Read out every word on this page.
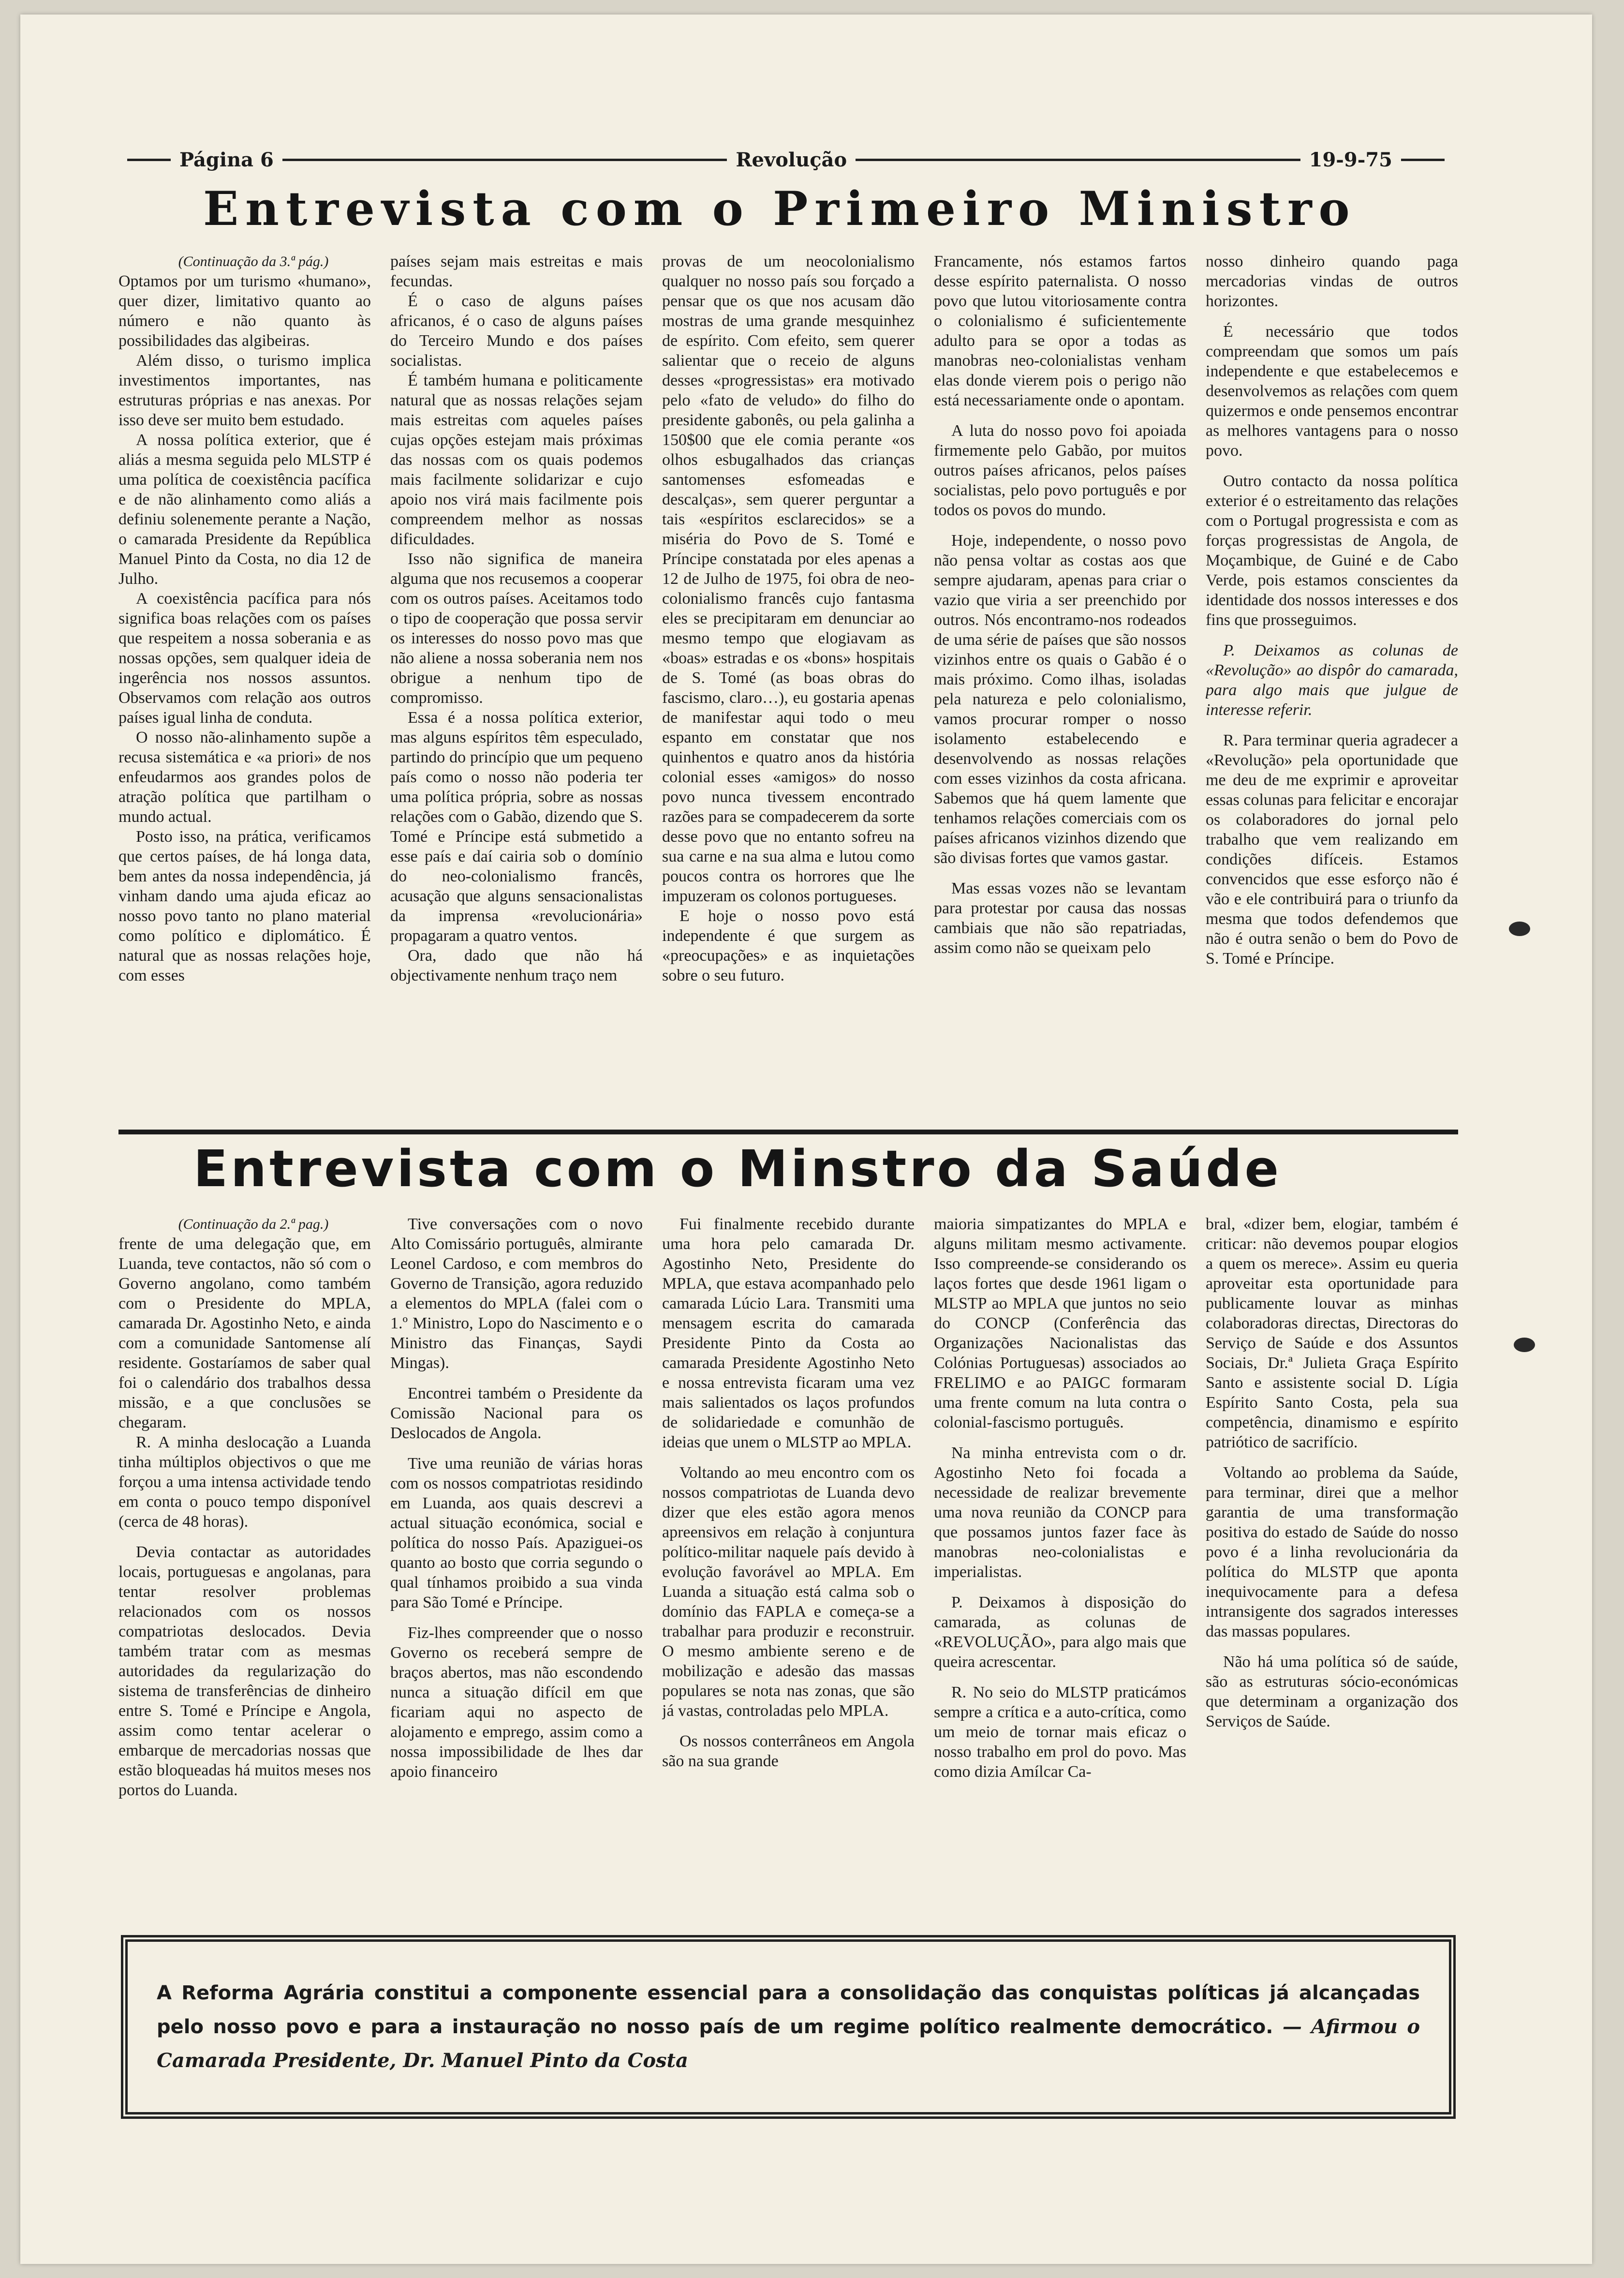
Página 6	Revolução	19-9-75
Entrevista com o Primeiro Ministro

(Continuação da 3.ª pág.)

Optamos por um turismo «humano», quer dizer, limitativo quanto ao número e não quanto às possibilidades das algibeiras.

Além disso, o turismo implica investimentos importantes, nas estruturas próprias e nas anexas. Por isso deve ser muito bem estudado.

A nossa política exterior, que é aliás a mesma seguida pelo MLSTP é uma política de coexistência pacífica e de não alinhamento como aliás a definiu solenemente perante a Nação, o camarada Presidente da República Manuel Pinto da Costa, no dia 12 de Julho.

A coexistência pacífica para nós significa boas relações com os países que respeitem a nossa soberania e as nossas opções, sem qualquer ideia de ingerência nos nossos assuntos. Observamos com relação aos outros países igual linha de conduta.

O nosso não-alinhamento supõe a recusa sistemática e «a priori» de nos enfeudarmos aos grandes polos de atração política que partilham o mundo actual.

Posto isso, na prática, verificamos que certos países, de há longa data, bem antes da nossa independência, já vinham dando uma ajuda eficaz ao nosso povo tanto no plano material como político e diplomático. É natural que as nossas relações hoje, com esses

países sejam mais estreitas e mais fecundas.

É o caso de alguns países africanos, é o caso de alguns países do Terceiro Mundo e dos países socialistas.

É também humana e politicamente natural que as nossas relações sejam mais estreitas com aqueles países cujas opções estejam mais próximas das nossas com os quais podemos mais facilmente solidarizar e cujo apoio nos virá mais facilmente pois compreendem melhor as nossas dificuldades.

Isso não significa de maneira alguma que nos recusemos a cooperar com os outros países. Aceitamos todo o tipo de cooperação que possa servir os interesses do nosso povo mas que não aliene a nossa soberania nem nos obrigue a nenhum tipo de compromisso.

Essa é a nossa política exterior, mas alguns espíritos têm especulado, partindo do princípio que um pequeno país como o nosso não poderia ter uma política própria, sobre as nossas relações com o Gabão, dizendo que S. Tomé e Príncipe está submetido a esse país e daí cairia sob o domínio do neo-colonialismo francês, acusação que alguns sensacionalistas da imprensa «revolucionária» propagaram a quatro ventos.

Ora, dado que não há objectivamente nenhum traço nem

provas de um neocolonialismo qualquer no nosso país sou forçado a pensar que os que nos acusam dão mostras de uma grande mesquinhez de espírito. Com efeito, sem querer salientar que o receio de alguns desses «progressistas» era motivado pelo «fato de veludo» do filho do presidente gabonês, ou pela galinha a 150$00 que ele comia perante «os olhos esbugalhados das crianças santomenses esfomeadas e descalças», sem querer perguntar a tais «espíritos esclarecidos» se a miséria do Povo de S. Tomé e Príncipe constatada por eles apenas a 12 de Julho de 1975, foi obra de neo-colonialismo francês cujo fantasma eles se precipitaram em denunciar ao mesmo tempo que elogiavam as «boas» estradas e os «bons» hospitais de S. Tomé (as boas obras do fascismo, claro…), eu gostaria apenas de manifestar aqui todo o meu espanto em constatar que nos quinhentos e quatro anos da história colonial esses «amigos» do nosso povo nunca tivessem encontrado razões para se compadecerem da sorte desse povo que no entanto sofreu na sua carne e na sua alma e lutou como poucos contra os horrores que lhe impuzeram os colonos portugueses.

E hoje o nosso povo está independente é que surgem as «preocupações» e as inquietações sobre o seu futuro.

Francamente, nós estamos fartos desse espírito paternalista. O nosso povo que lutou vitoriosamente contra o colonialismo é suficientemente adulto para se opor a todas as manobras neo-colonialistas venham elas donde vierem pois o perigo não está necessariamente onde o apontam.

A luta do nosso povo foi apoiada firmemente pelo Gabão, por muitos outros países africanos, pelos países socialistas, pelo povo português e por todos os povos do mundo.

Hoje, independente, o nosso povo não pensa voltar as costas aos que sempre ajudaram, apenas para criar o vazio que viria a ser preenchido por outros. Nós encontramo-nos rodeados de uma série de países que são nossos vizinhos entre os quais o Gabão é o mais próximo. Como ilhas, isoladas pela natureza e pelo colonialismo, vamos procurar romper o nosso isolamento estabelecendo e desenvolvendo as nossas relações com esses vizinhos da costa africana. Sabemos que há quem lamente que tenhamos relações comerciais com os países africanos vizinhos dizendo que são divisas fortes que vamos gastar.

Mas essas vozes não se levantam para protestar por causa das nossas cambiais que não são repatriadas, assim como não se queixam pelo

nosso dinheiro quando paga mercadorias vindas de outros horizontes.

É necessário que todos compreendam que somos um país independente e que estabelecemos e desenvolvemos as relações com quem quizermos e onde pensemos encontrar as melhores vantagens para o nosso povo.

Outro contacto da nossa política exterior é o estreitamento das relações com o Portugal progressista e com as forças progressistas de Angola, de Moçambique, de Guiné e de Cabo Verde, pois estamos conscientes da identidade dos nossos interesses e dos fins que prosseguimos.

P. Deixamos as colunas de «Revolução» ao dispôr do camarada, para algo mais que julgue de interesse referir.

R. Para terminar queria agradecer a «Revolução» pela oportunidade que me deu de me exprimir e aproveitar essas colunas para felicitar e encorajar os colaboradores do jornal pelo trabalho que vem realizando em condições difíceis. Estamos convencidos que esse esforço não é vão e ele contribuirá para o triunfo da mesma que todos defendemos que não é outra senão o bem do Povo de S. Tomé e Príncipe.

Entrevista com o Minstro da Saúde

(Continuação da 2.ª pag.)

frente de uma delegação que, em Luanda, teve contactos, não só com o Governo angolano, como também com o Presidente do MPLA, camarada Dr. Agostinho Neto, e ainda com a comunidade Santomense alí residente. Gostaríamos de saber qual foi o calendário dos trabalhos dessa missão, e a que conclusões se chegaram.

R. A minha deslocação a Luanda tinha múltiplos objectivos o que me forçou a uma intensa actividade tendo em conta o pouco tempo disponível (cerca de 48 horas).

Devia contactar as autoridades locais, portuguesas e angolanas, para tentar resolver problemas relacionados com os nossos compatriotas deslocados. Devia também tratar com as mesmas autoridades da regularização do sistema de transferências de dinheiro entre S. Tomé e Príncipe e Angola, assim como tentar acelerar o embarque de mercadorias nossas que estão bloqueadas há muitos meses nos portos do Luanda.

Tive conversações com o novo Alto Comissário português, almirante Leonel Cardoso, e com membros do Governo de Transição, agora reduzido a elementos do MPLA (falei com o 1.º Ministro, Lopo do Nascimento e o Ministro das Finanças, Saydi Mingas).

Encontrei também o Presidente da Comissão Nacional para os Deslocados de Angola.

Tive uma reunião de várias horas com os nossos compatriotas residindo em Luanda, aos quais descrevi a actual situação económica, social e política do nosso País. Apaziguei-os quanto ao bosto que corria segundo o qual tínhamos proibido a sua vinda para São Tomé e Príncipe.

Fiz-lhes compreender que o nosso Governo os receberá sempre de braços abertos, mas não escondendo nunca a situação difícil em que ficariam aqui no aspecto de alojamento e emprego, assim como a nossa impossibilidade de lhes dar apoio financeiro

Fui finalmente recebido durante uma hora pelo camarada Dr. Agostinho Neto, Presidente do MPLA, que estava acompanhado pelo camarada Lúcio Lara. Transmiti uma mensagem escrita do camarada Presidente Pinto da Costa ao camarada Presidente Agostinho Neto e nossa entrevista ficaram uma vez mais salientados os laços profundos de solidariedade e comunhão de ideias que unem o MLSTP ao MPLA.

Voltando ao meu encontro com os nossos compatriotas de Luanda devo dizer que eles estão agora menos apreensivos em relação à conjuntura político-militar naquele país devido à evolução favorável ao MPLA. Em Luanda a situação está calma sob o domínio das FAPLA e começa-se a trabalhar para produzir e reconstruir. O mesmo ambiente sereno e de mobilização e adesão das massas populares se nota nas zonas, que são já vastas, controladas pelo MPLA.

Os nossos conterrâneos em Angola são na sua grande

maioria simpatizantes do MPLA e alguns militam mesmo activamente. Isso compreende-se considerando os laços fortes que desde 1961 ligam o MLSTP ao MPLA que juntos no seio do CONCP (Conferência das Organizações Nacionalistas das Colónias Portuguesas) associados ao FRELIMO e ao PAIGC formaram uma frente comum na luta contra o colonial-fascismo português.

Na minha entrevista com o dr. Agostinho Neto foi focada a necessidade de realizar brevemente uma nova reunião da CONCP para que possamos juntos fazer face às manobras neo-colonialistas e imperialistas.

P. Deixamos à disposição do camarada, as colunas de «REVOLUÇÃO», para algo mais que queira acrescentar.

R. No seio do MLSTP praticámos sempre a crítica e a auto-crítica, como um meio de tornar mais eficaz o nosso trabalho em prol do povo. Mas como dizia Amílcar Ca-

bral, «dizer bem, elogiar, também é criticar: não devemos poupar elogios a quem os merece». Assim eu queria aproveitar esta oportunidade para publicamente louvar as minhas colaboradoras directas, Directoras do Serviço de Saúde e dos Assuntos Sociais, Dr.ª Julieta Graça Espírito Santo e assistente social D. Lígia Espírito Santo Costa, pela sua competência, dinamismo e espírito patriótico de sacrifício.

Voltando ao problema da Saúde, para terminar, direi que a melhor garantia de uma transformação positiva do estado de Saúde do nosso povo é a linha revolucionária da política do MLSTP que aponta inequivocamente para a defesa intransigente dos sagrados interesses das massas populares.

Não há uma política só de saúde, são as estruturas sócio-económicas que determinam a organização dos Serviços de Saúde.

A Reforma Agrária constitui a componente essencial para a consolidação das conquistas políticas já alcançadas pelo nosso povo e para a instauração no nosso país de um regime político realmente democrático. — Afirmou o Camarada Presidente, Dr. Manuel Pinto da Costa
